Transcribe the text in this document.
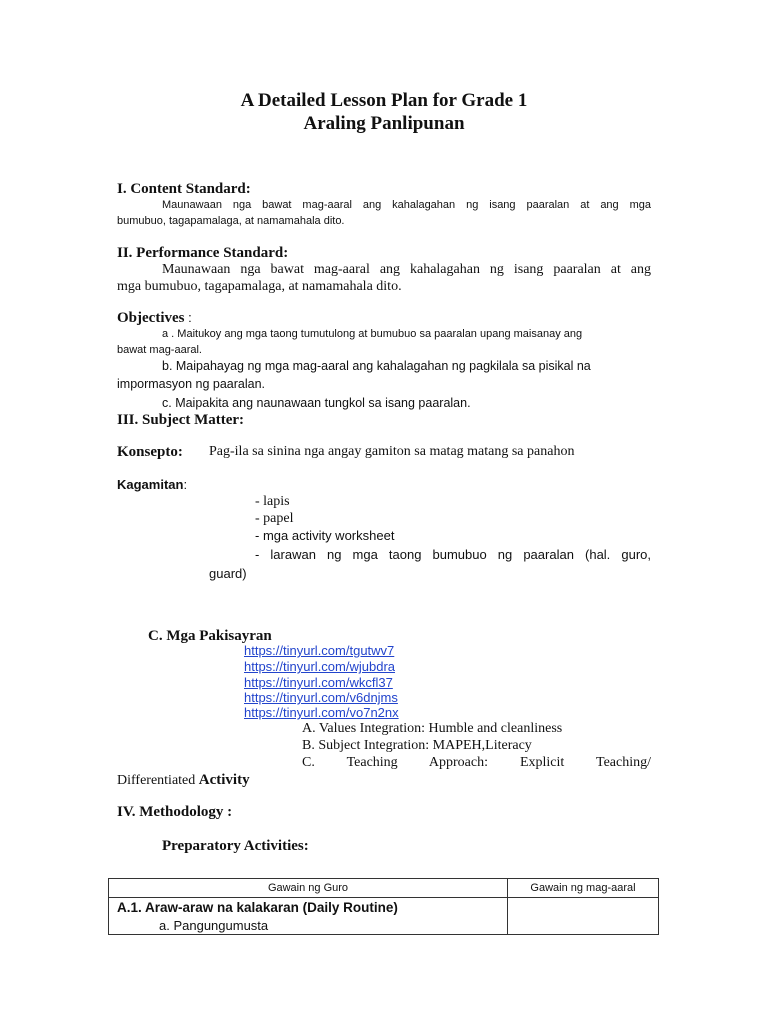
A Detailed Lesson Plan for Grade 1
Araling Panlipunan
I. Content Standard:
Maunawaan nga bawat mag-aaral ang kahalagahan ng isang paaralan at ang mga
bumubuo, tagapamalaga, at namamahala dito.
II. Performance Standard:
Maunawaan nga bawat mag-aaral ang kahalagahan ng isang paaralan at ang
mga bumubuo, tagapamalaga, at namamahala dito.
Objectives :
a . Maitukoy ang mga taong tumutulong at bumubuo sa paaralan upang maisanay ang
bawat mag-aaral.
b. Maipahayag ng mga mag-aaral ang kahalagahan ng pagkilala sa pisikal na
impormasyon ng paaralan.
c. Maipakita ang naunawaan tungkol sa isang paaralan.
III. Subject Matter:
Konsepto: Pag-ila sa sinina nga angay gamiton sa matag matang sa panahon
Kagamitan:
- lapis
- papel
- mga activity worksheet
- larawan ng mga taong bumubuo ng paaralan (hal. guro,
guard)
C. Mga Pakisayran
https://tinyurl.com/tgutwv7
https://tinyurl.com/wjubdra
https://tinyurl.com/wkcfl37
https://tinyurl.com/v6dnjms
https://tinyurl.com/vo7n2nx
A. Values Integration: Humble and cleanliness
B. Subject Integration: MAPEH,Literacy
C. Teaching Approach: Explicit Teaching/
Differentiated Activity
IV. Methodology :
Preparatory Activities:
Gawain ng Guro	Gawain ng mag-aaral

A.1. Araw-araw na kalakaran (Daily Routine)
a. Pangungumusta	
